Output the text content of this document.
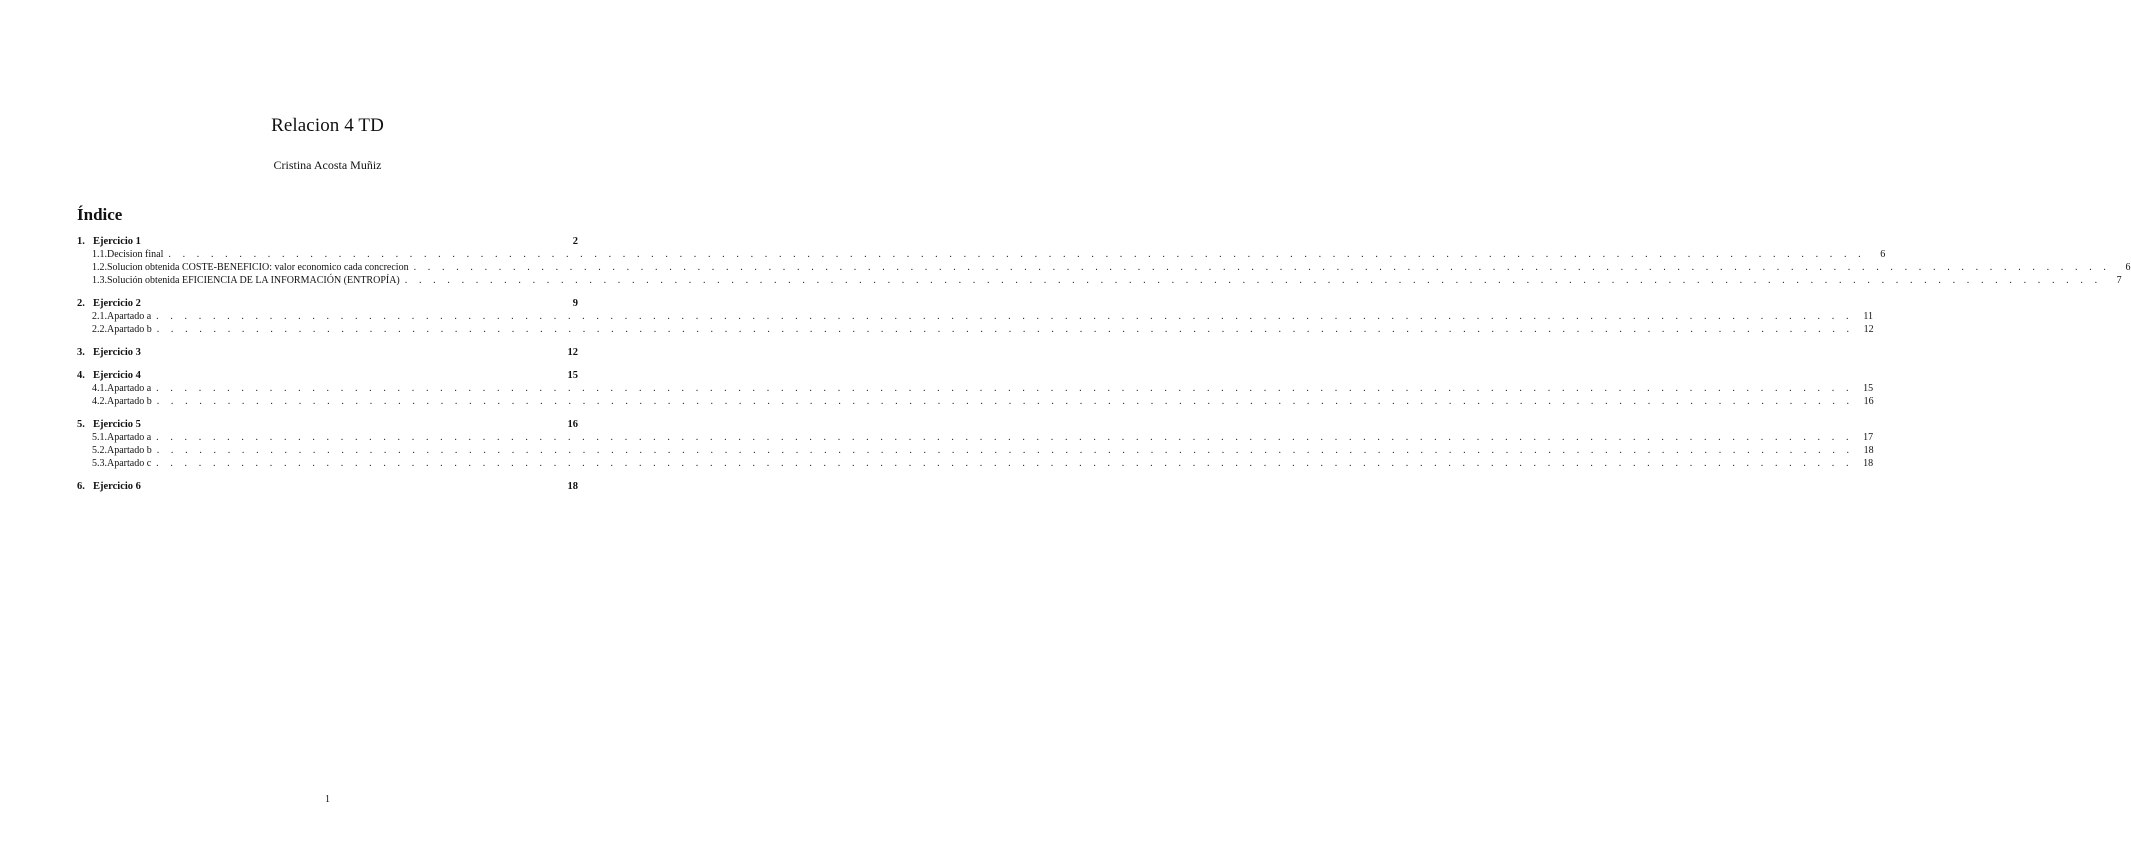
Relacion 4 TD
Cristina Acosta Muñiz
Índice
1. Ejercicio 1	2
1.1. Decision final . . . . . . . . . . . . . . . . . . . . . . . . . . . . . . . . . . . . . . . . . . . . . . . . . . . . . . . . . . . . . . . . . . . . . . . . . . . . . . . . . . . . . . . . . . . . . . . . . . . . . . . . . . . . . . . . . . . . . . . .	6
1.2. Solucion obtenida COSTE-BENEFICIO: valor economico cada concrecion . . . . . . . . . . . . . . . . . . . . . . . . . . . . . . . . . . . . . . . . . . . . . . . . . . . . . . . . . . . . . . . . . . . . . . . . . . . . . . . . . . . . . . . . . . . . . . . . . . . . . . . . . . . . . . . . . . . . . . . .	6
1.3. Solución obtenida EFICIENCIA DE LA INFORMACIÓN (ENTROPÍA) . . . . . . . . . . . . . . . . . . . . . . . . . . . . . . . . . . . . . . . . . . . . . . . . . . . . . . . . . . . . . . . . . . . . . . . . . . . . . . . . . . . . . . . . . . . . . . . . . . . . . . . . . . . . . . . . . . . . . . . .	7
2. Ejercicio 2	9
2.1. Apartado a . . . . . . . . . . . . . . . . . . . . . . . . . . . . . . . . . . . . . . . . . . . . . . . . . . . . . . . . . . . . . . . . . . . . . . . . . . . . . . . . . . . . . . . . . . . . . . . . . . . . . . . . . . . . . . . . . . . . . . . .	11
2.2. Apartado b . . . . . . . . . . . . . . . . . . . . . . . . . . . . . . . . . . . . . . . . . . . . . . . . . . . . . . . . . . . . . . . . . . . . . . . . . . . . . . . . . . . . . . . . . . . . . . . . . . . . . . . . . . . . . . . . . . . . . . . .	12
3. Ejercicio 3	12
4. Ejercicio 4	15
4.1. Apartado a . . . . . . . . . . . . . . . . . . . . . . . . . . . . . . . . . . . . . . . . . . . . . . . . . . . . . . . . . . . . . . . . . . . . . . . . . . . . . . . . . . . . . . . . . . . . . . . . . . . . . . . . . . . . . . . . . . . . . . . .	15
4.2. Apartado b . . . . . . . . . . . . . . . . . . . . . . . . . . . . . . . . . . . . . . . . . . . . . . . . . . . . . . . . . . . . . . . . . . . . . . . . . . . . . . . . . . . . . . . . . . . . . . . . . . . . . . . . . . . . . . . . . . . . . . . .	16
5. Ejercicio 5	16
5.1. Apartado a . . . . . . . . . . . . . . . . . . . . . . . . . . . . . . . . . . . . . . . . . . . . . . . . . . . . . . . . . . . . . . . . . . . . . . . . . . . . . . . . . . . . . . . . . . . . . . . . . . . . . . . . . . . . . . . . . . . . . . . .	17
5.2. Apartado b . . . . . . . . . . . . . . . . . . . . . . . . . . . . . . . . . . . . . . . . . . . . . . . . . . . . . . . . . . . . . . . . . . . . . . . . . . . . . . . . . . . . . . . . . . . . . . . . . . . . . . . . . . . . . . . . . . . . . . . .	18
5.3. Apartado c . . . . . . . . . . . . . . . . . . . . . . . . . . . . . . . . . . . . . . . . . . . . . . . . . . . . . . . . . . . . . . . . . . . . . . . . . . . . . . . . . . . . . . . . . . . . . . . . . . . . . . . . . . . . . . . . . . . . . . . .	18
6. Ejercicio 6	18
1
